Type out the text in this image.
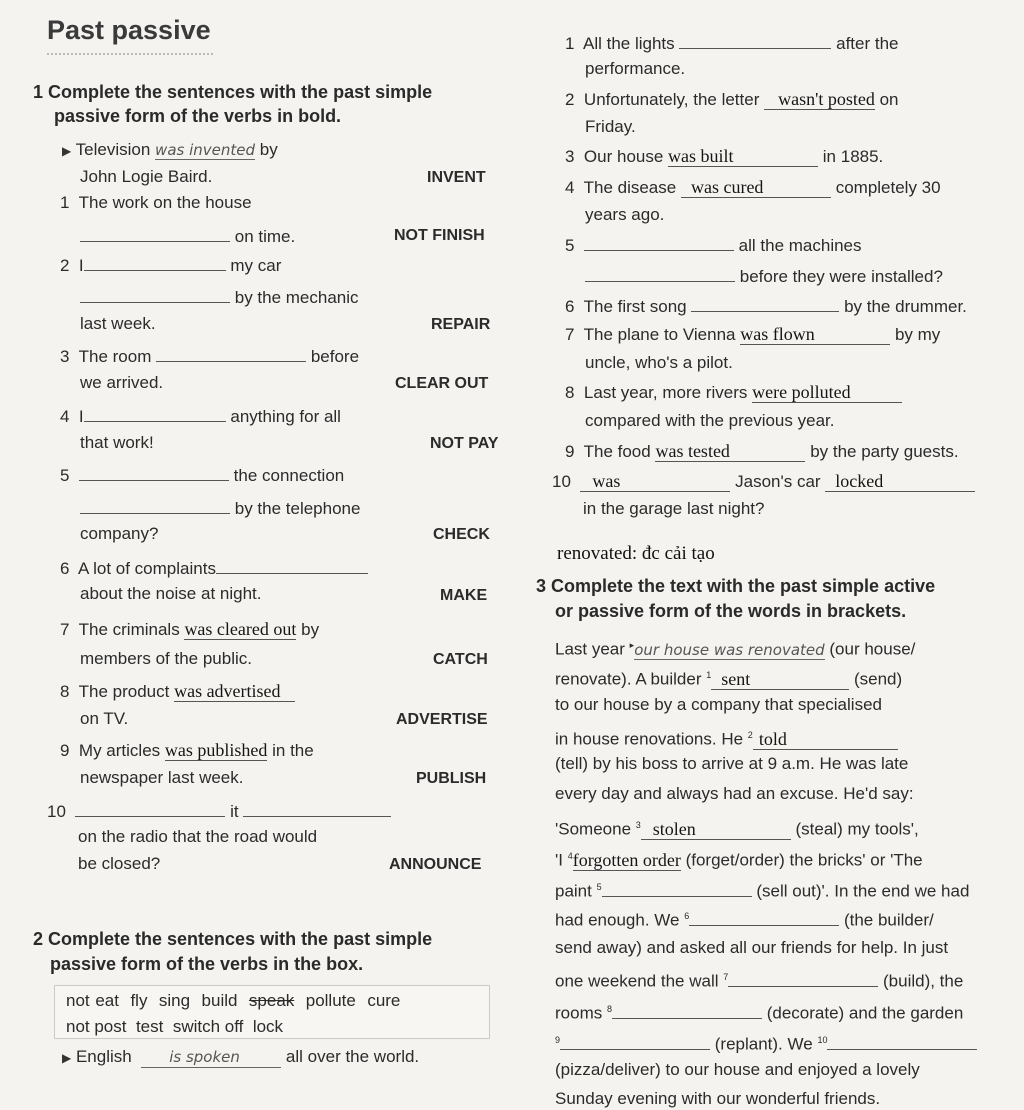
Past passive
1 Complete the sentences with the past simple
passive form of the verbs in bold.
▶ Television was invented by
John Logie Baird.	INVENT
1 The work on the house
on time.	NOT FINISH
2 I	my car
by the mechanic
last week.	REPAIR
3 The room	before
we arrived.	CLEAR OUT
4 I	anything for all
that work!	NOT PAY
5	the connection
by the telephone
company?	CHECK
6 A lot of complaints
about the noise at night.	MAKE
7 The criminals was cleared out by
members of the public.	CATCH
8 The product was advertised
on TV.	ADVERTISE
9 My articles was published in the
newspaper last week.	PUBLISH
10	it
on the radio that the road would
be closed?	ANNOUNCE
2 Complete the sentences with the past simple
passive form of the verbs in the box.
not eat fly sing build speak pollute cure
not post test switch off lock
▶ English is spoken	all over the world.
1 All the lights	after the
performance.
2 Unfortunately, the letter wasn't posted on
Friday.
3 Our house was built	in 1885.
4 The disease was cured	completely 30
years ago.
5	all the machines
before they were installed?
6 The first song	by the drummer.
7 The plane to Vienna was flown	by my
uncle, who's a pilot.
8 Last year, more rivers were polluted
compared with the previous year.
9 The food was tested	by the party guests.
10 was	Jason's car locked
in the garage last night?
renovated: đc cải tạo
3 Complete the text with the past simple active
or passive form of the words in brackets.
Last year ▸our house was renovated (our house/
renovate). A builder $^1$ sent	(send)
to our house by a company that specialised
in house renovations. He $^2$ told
(tell) by his boss to arrive at 9 a.m. He was late
every day and always had an excuse. He'd say:
'Someone $^3$ stolen	(steal) my tools',
'I $^4$forgotten order (forget/order) the bricks' or 'The
paint $^5$	(sell out)'. In the end we had
had enough. We $^6$	(the builder/
send away) and asked all our friends for help. In just
one weekend the wall $^7$	(build), the
rooms $^8$	(decorate) and the garden
$^9$	(replant). We $^{10}$
(pizza/deliver) to our house and enjoyed a lovely
Sunday evening with our wonderful friends.
